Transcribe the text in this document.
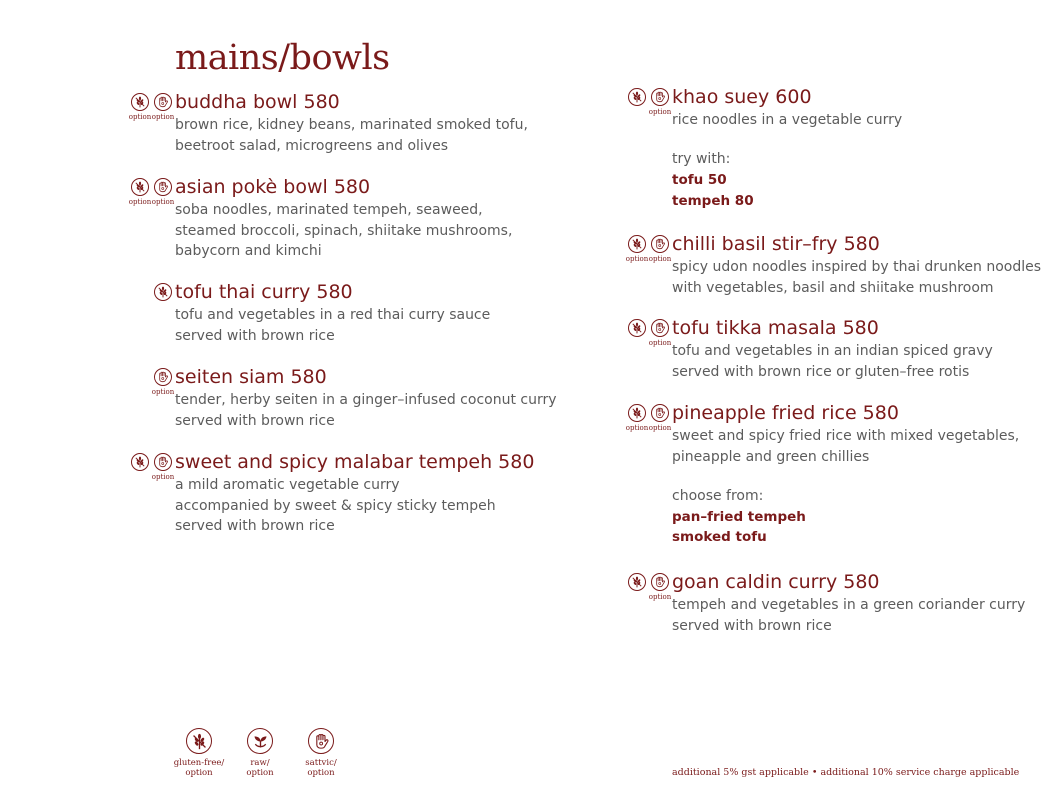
mains/bowls
buddha bowl 580
option option brown rice, kidney beans, marinated smoked tofu,
beetroot salad, microgreens and olives
asian pokè bowl 580
option option soba noodles, marinated tempeh, seaweed,
steamed broccoli, spinach, shiitake mushrooms,
babycorn and kimchi
tofu thai curry 580
tofu and vegetables in a red thai curry sauce
served with brown rice
seiten siam 580
option tender, herby seiten in a ginger–infused coconut curry
served with brown rice
sweet and spicy malabar tempeh 580
option a mild aromatic vegetable curry
accompanied by sweet & spicy sticky tempeh
served with brown rice
khao suey 600
option rice noodles in a vegetable curry
try with:
tofu 50
tempeh 80
chilli basil stir–fry 580
option option spicy udon noodles inspired by thai drunken noodles
with vegetables, basil and shiitake mushroom
tofu tikka masala 580
option tofu and vegetables in an indian spiced gravy
served with brown rice or gluten–free rotis
pineapple fried rice 580
option option sweet and spicy fried rice with mixed vegetables,
pineapple and green chillies
choose from:
pan–fried tempeh
smoked tofu
goan caldin curry 580
option tempeh and vegetables in a green coriander curry
served with brown rice
gluten-free/
option
raw/
option
sattvic/
option	additional 5% gst applicable • additional 10% service charge applicable
